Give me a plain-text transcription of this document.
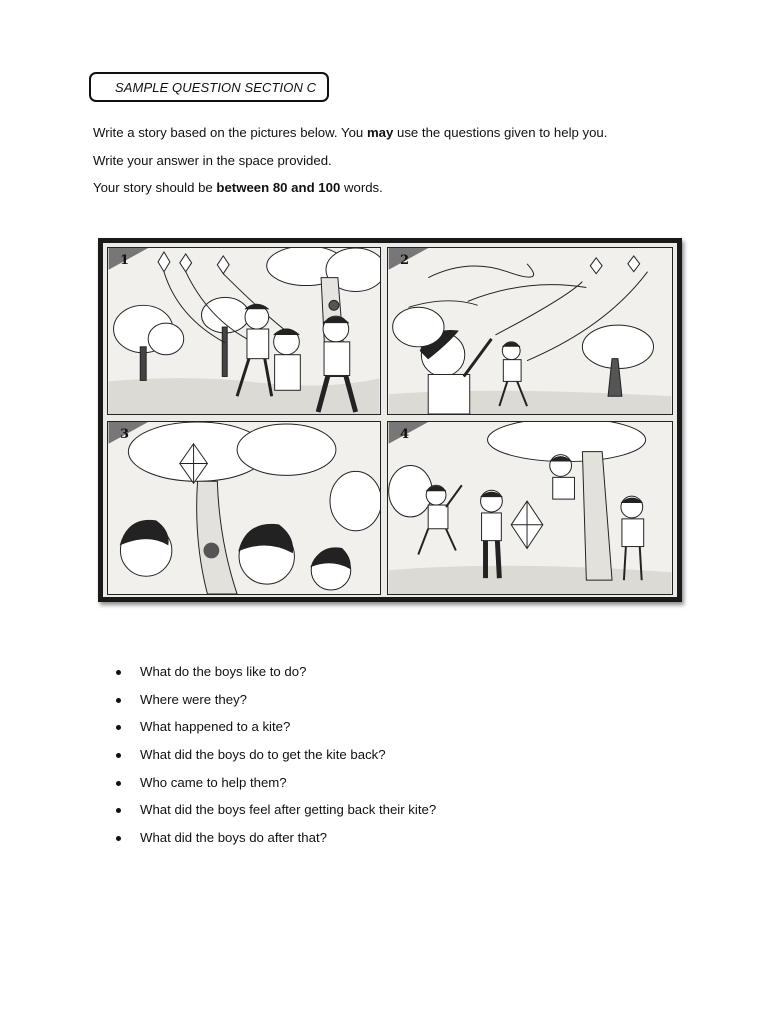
SAMPLE QUESTION SECTION C
Write a story based on the pictures below. You may use the questions given to help you.
Write your answer in the space provided.
Your story should be between 80 and 100 words.
1	2
3	4
What do the boys like to do?
Where were they?
What happened to a kite?
What did the boys do to get the kite back?
Who came to help them?
What did the boys feel after getting back their kite?
What did the boys do after that?
